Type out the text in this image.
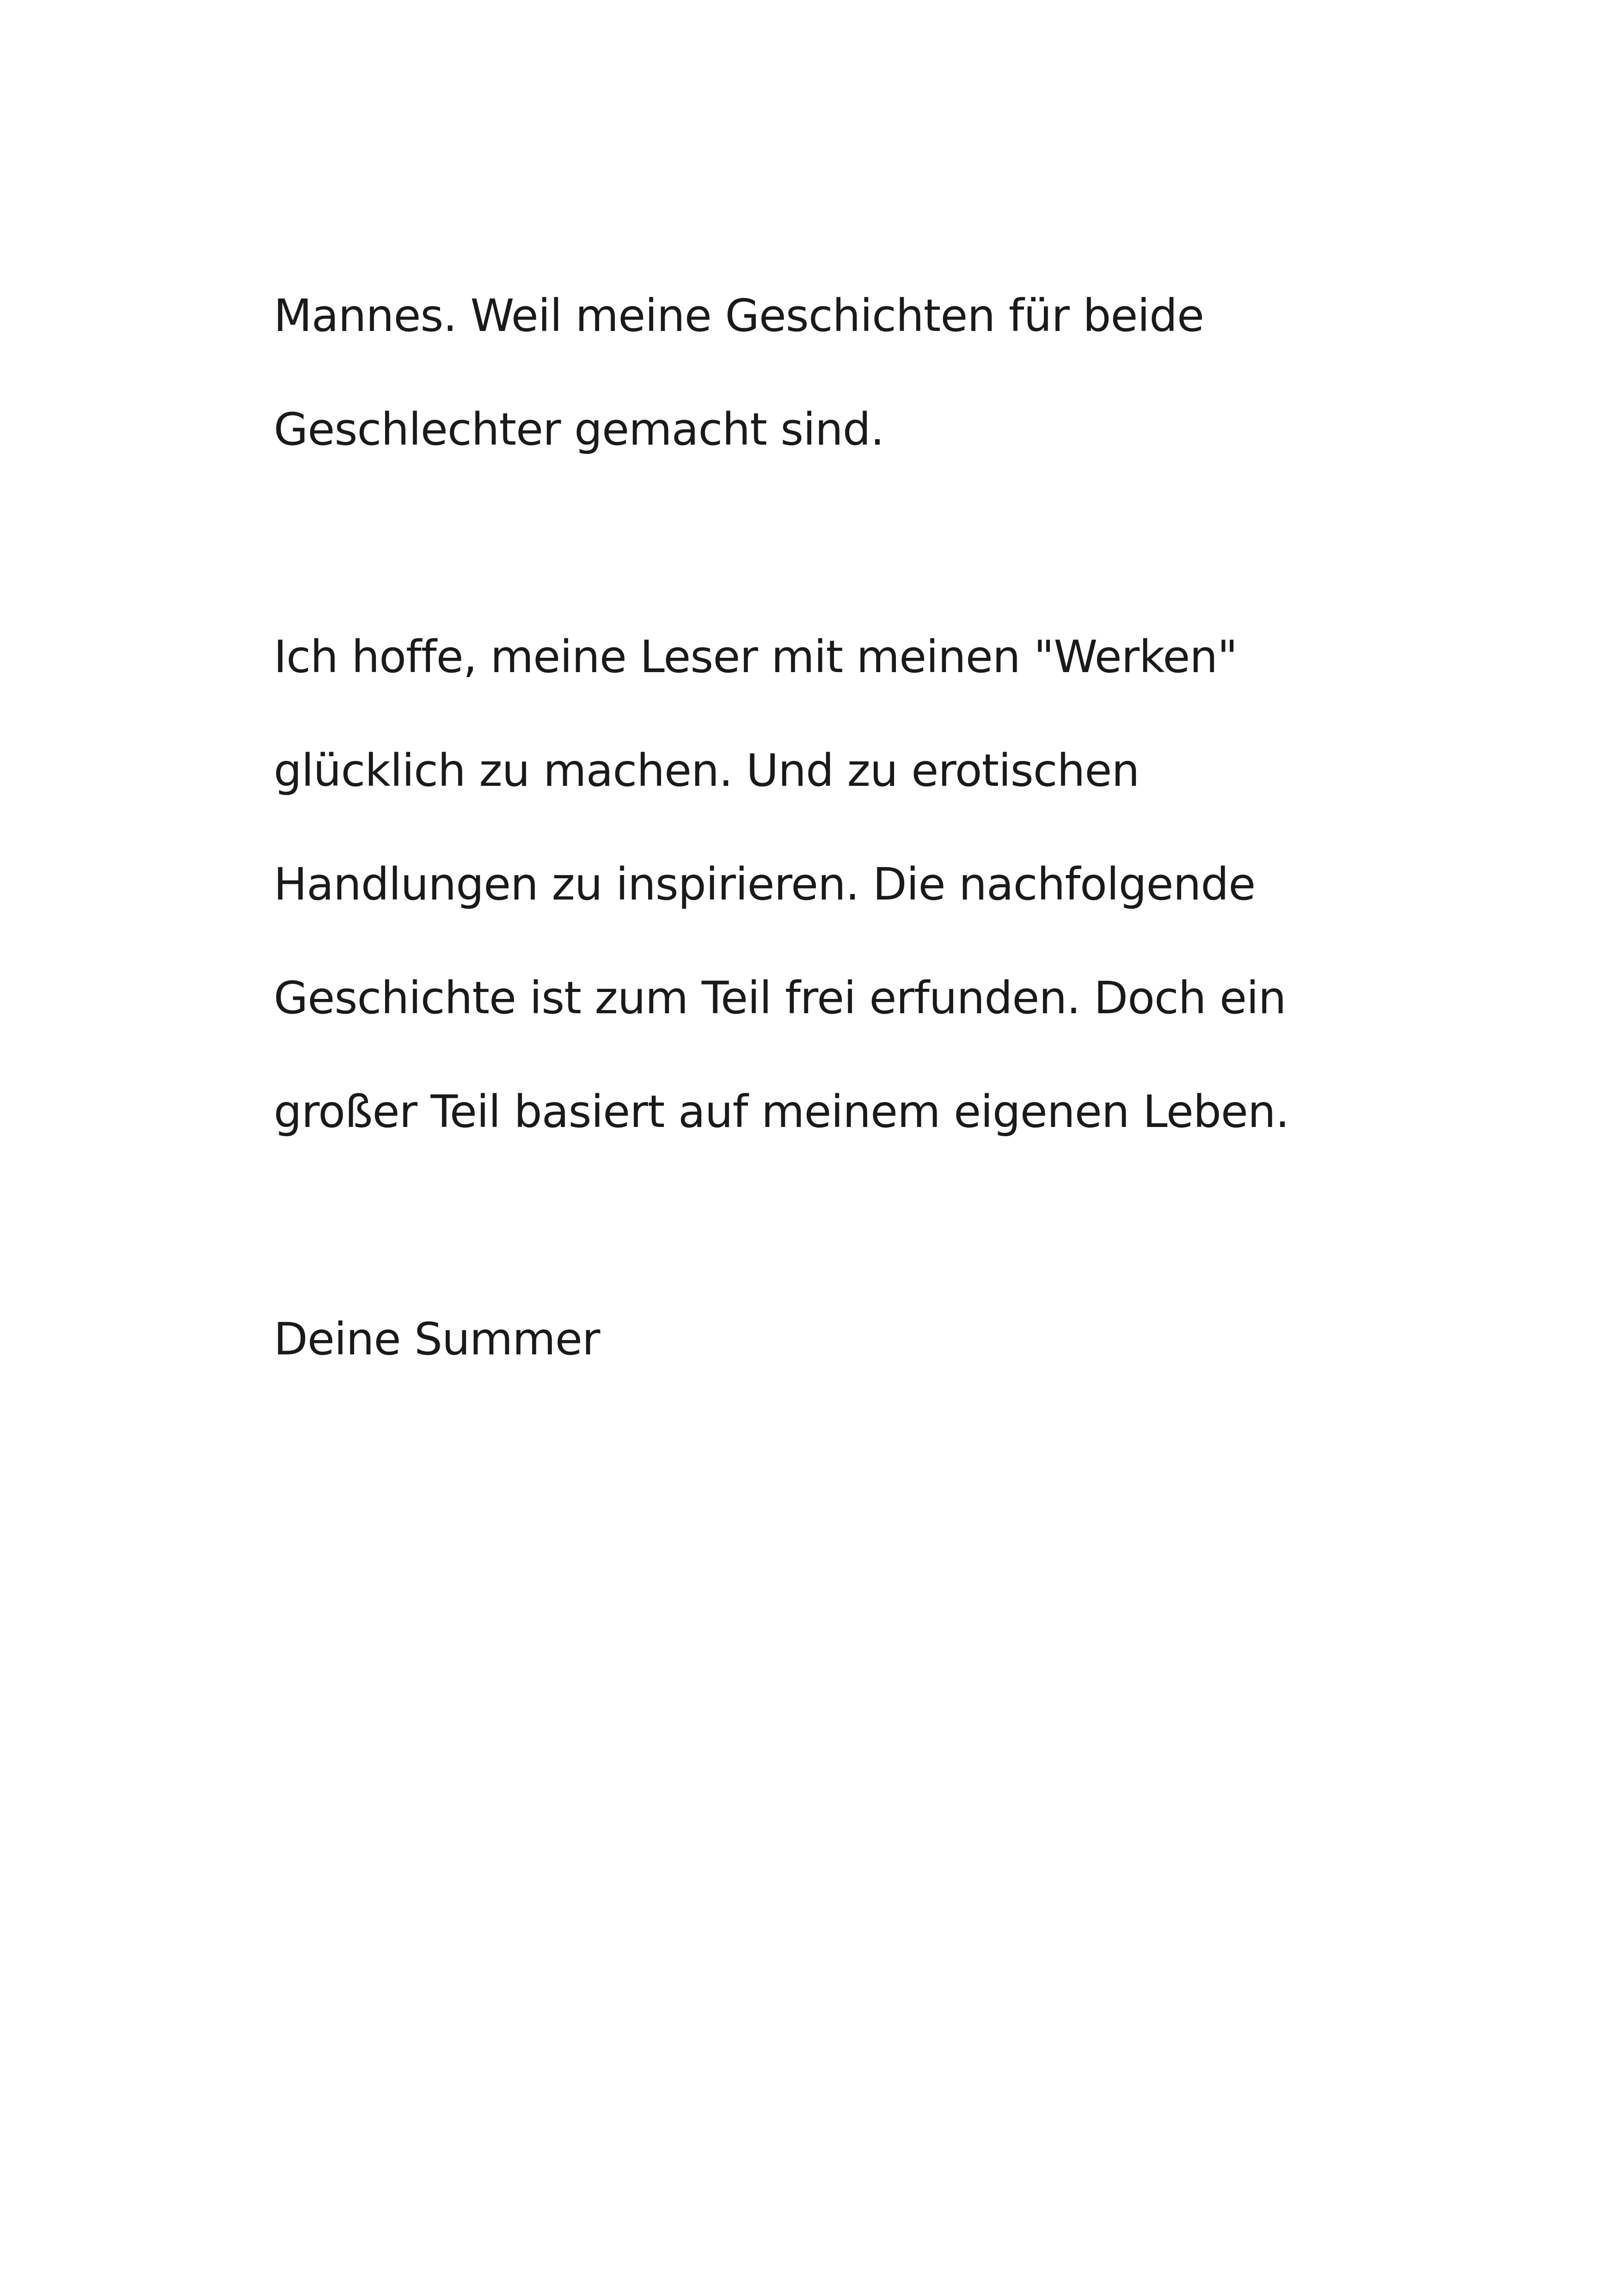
Mannes. Weil meine Geschichten für beide
Geschlechter gemacht sind.
Ich hoffe, meine Leser mit meinen "Werken"
glücklich zu machen. Und zu erotischen
Handlungen zu inspirieren. Die nachfolgende
Geschichte ist zum Teil frei erfunden. Doch ein
großer Teil basiert auf meinem eigenen Leben.
Deine Summer
